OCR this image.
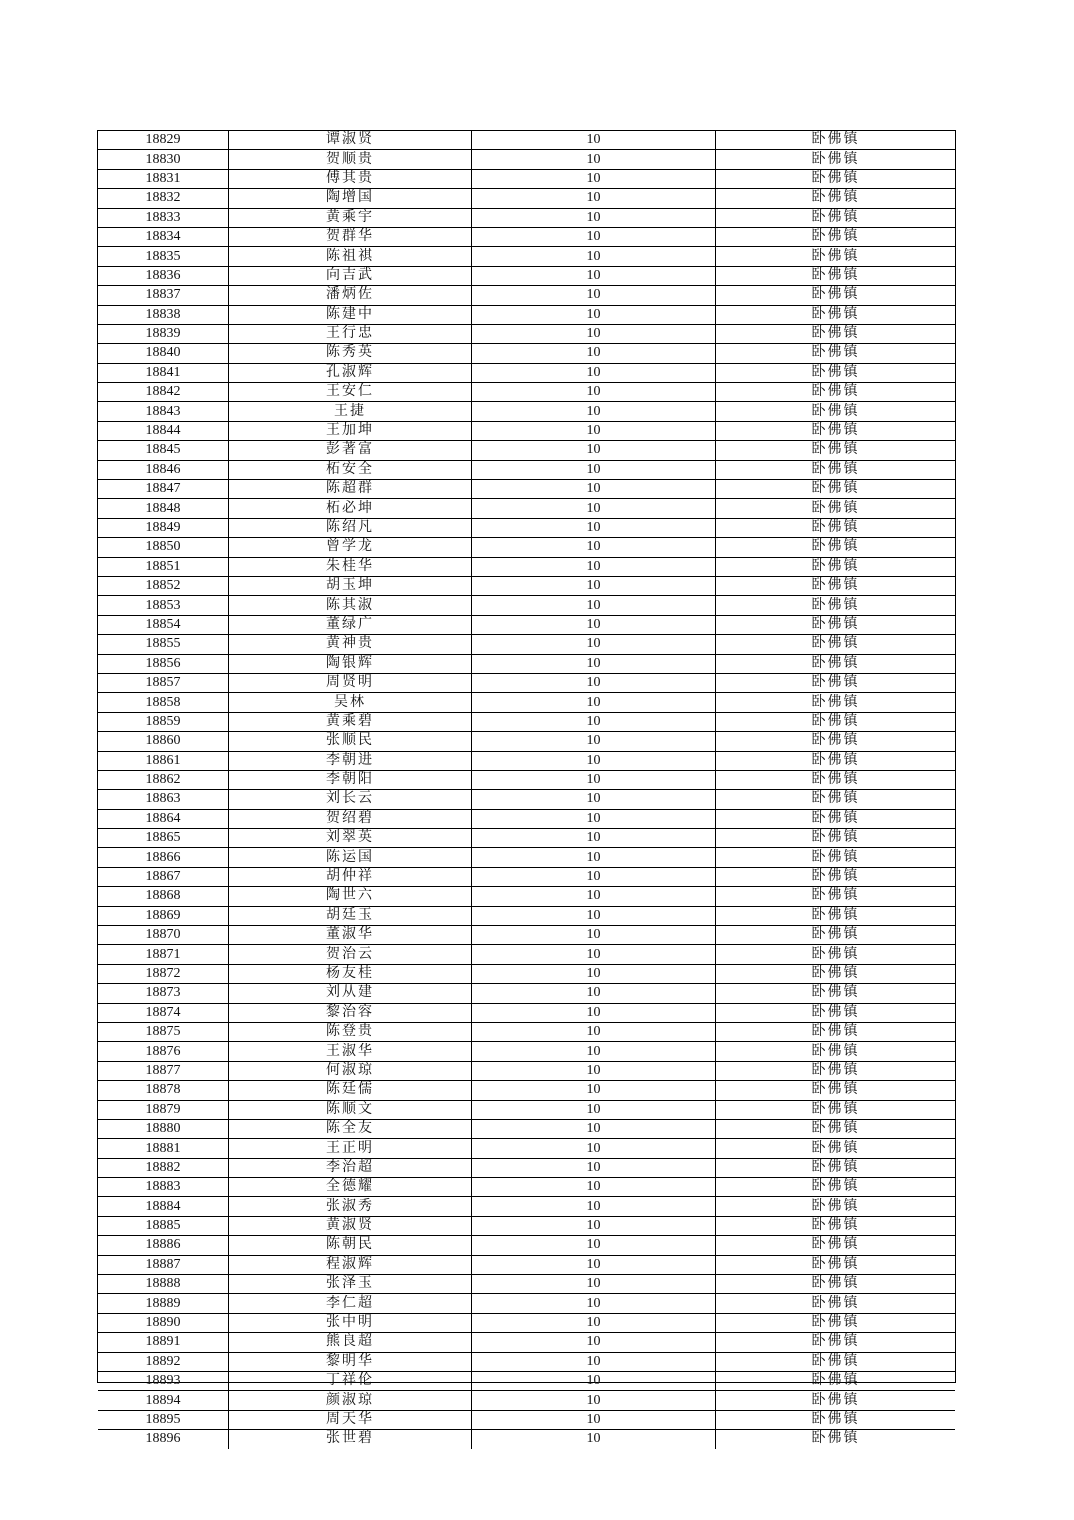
18829	谭淑贤	10	卧佛镇
18830	贺顺贵	10	卧佛镇
18831	傅其贵	10	卧佛镇
18832	陶增国	10	卧佛镇
18833	黄乘宇	10	卧佛镇
18834	贺群华	10	卧佛镇
18835	陈祖祺	10	卧佛镇
18836	向吉武	10	卧佛镇
18837	潘炳佐	10	卧佛镇
18838	陈建中	10	卧佛镇
18839	王行忠	10	卧佛镇
18840	陈秀英	10	卧佛镇
18841	孔淑辉	10	卧佛镇
18842	王安仁	10	卧佛镇
18843	王捷	10	卧佛镇
18844	王加坤	10	卧佛镇
18845	彭著富	10	卧佛镇
18846	柘安全	10	卧佛镇
18847	陈超群	10	卧佛镇
18848	柘必坤	10	卧佛镇
18849	陈绍凡	10	卧佛镇
18850	曾学龙	10	卧佛镇
18851	朱桂华	10	卧佛镇
18852	胡玉坤	10	卧佛镇
18853	陈其淑	10	卧佛镇
18854	董绿广	10	卧佛镇
18855	黄神贵	10	卧佛镇
18856	陶银辉	10	卧佛镇
18857	周贤明	10	卧佛镇
18858	吴林	10	卧佛镇
18859	黄乘碧	10	卧佛镇
18860	张顺民	10	卧佛镇
18861	李朝进	10	卧佛镇
18862	李朝阳	10	卧佛镇
18863	刘长云	10	卧佛镇
18864	贺绍碧	10	卧佛镇
18865	刘翠英	10	卧佛镇
18866	陈运国	10	卧佛镇
18867	胡仲祥	10	卧佛镇
18868	陶世六	10	卧佛镇
18869	胡廷玉	10	卧佛镇
18870	董淑华	10	卧佛镇
18871	贺治云	10	卧佛镇
18872	杨友桂	10	卧佛镇
18873	刘从建	10	卧佛镇
18874	黎治容	10	卧佛镇
18875	陈登贵	10	卧佛镇
18876	王淑华	10	卧佛镇
18877	何淑琼	10	卧佛镇
18878	陈廷儒	10	卧佛镇
18879	陈顺文	10	卧佛镇
18880	陈全友	10	卧佛镇
18881	王正明	10	卧佛镇
18882	李治超	10	卧佛镇
18883	全德耀	10	卧佛镇
18884	张淑秀	10	卧佛镇
18885	黄淑贤	10	卧佛镇
18886	陈朝民	10	卧佛镇
18887	程淑辉	10	卧佛镇
18888	张泽玉	10	卧佛镇
18889	李仁超	10	卧佛镇
18890	张中明	10	卧佛镇
18891	熊良超	10	卧佛镇
18892	黎明华	10	卧佛镇
18893	丁祥伦	10	卧佛镇
18894	颜淑琼	10	卧佛镇
18895	周天华	10	卧佛镇
18896	张世碧	10	卧佛镇
